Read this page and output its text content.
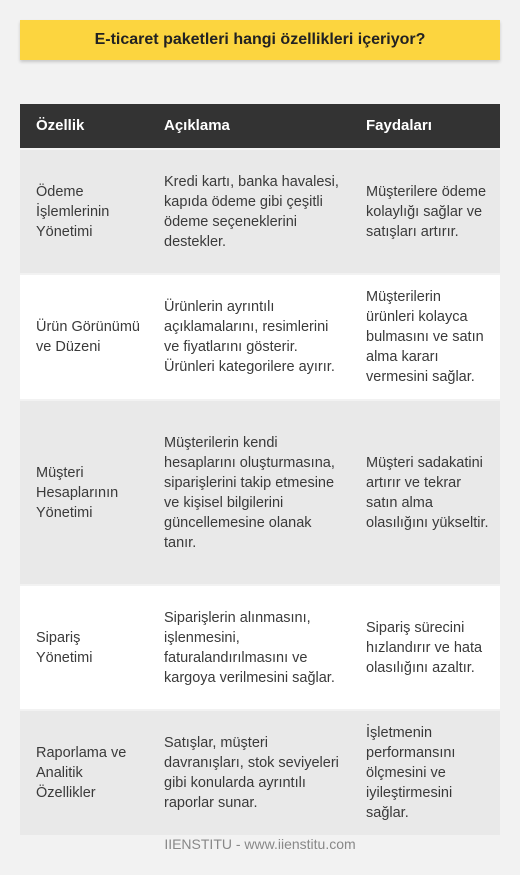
E-ticaret paketleri hangi özellikleri içeriyor?
Özellik	Açıklama	Faydaları
Ödeme İşlemlerinin Yönetimi	Kredi kartı, banka havalesi, kapıda ödeme gibi çeşitli ödeme seçeneklerini destekler.	Müşterilere ödeme kolaylığı sağlar ve satışları artırır.
Ürün Görünümü ve Düzeni	Ürünlerin ayrıntılı açıklamalarını, resimlerini ve fiyatlarını gösterir. Ürünleri kategorilere ayırır.	Müşterilerin ürünleri kolayca bulmasını ve satın alma kararı vermesini sağlar.
Müşteri Hesaplarının Yönetimi	Müşterilerin kendi hesaplarını oluşturmasına, siparişlerini takip etmesine ve kişisel bilgilerini güncellemesine olanak tanır.	Müşteri sadakatini artırır ve tekrar satın alma olasılığını yükseltir.
Sipariş Yönetimi	Siparişlerin alınmasını, işlenmesini, faturalandırılmasını ve kargoya verilmesini sağlar.	Sipariş sürecini hızlandırır ve hata olasılığını azaltır.
Raporlama ve Analitik Özellikler	Satışlar, müşteri davranışları, stok seviyeleri gibi konularda ayrıntılı raporlar sunar.	İşletmenin performansını ölçmesini ve iyileştirmesini sağlar.
IIENSTITU - www.iienstitu.com
